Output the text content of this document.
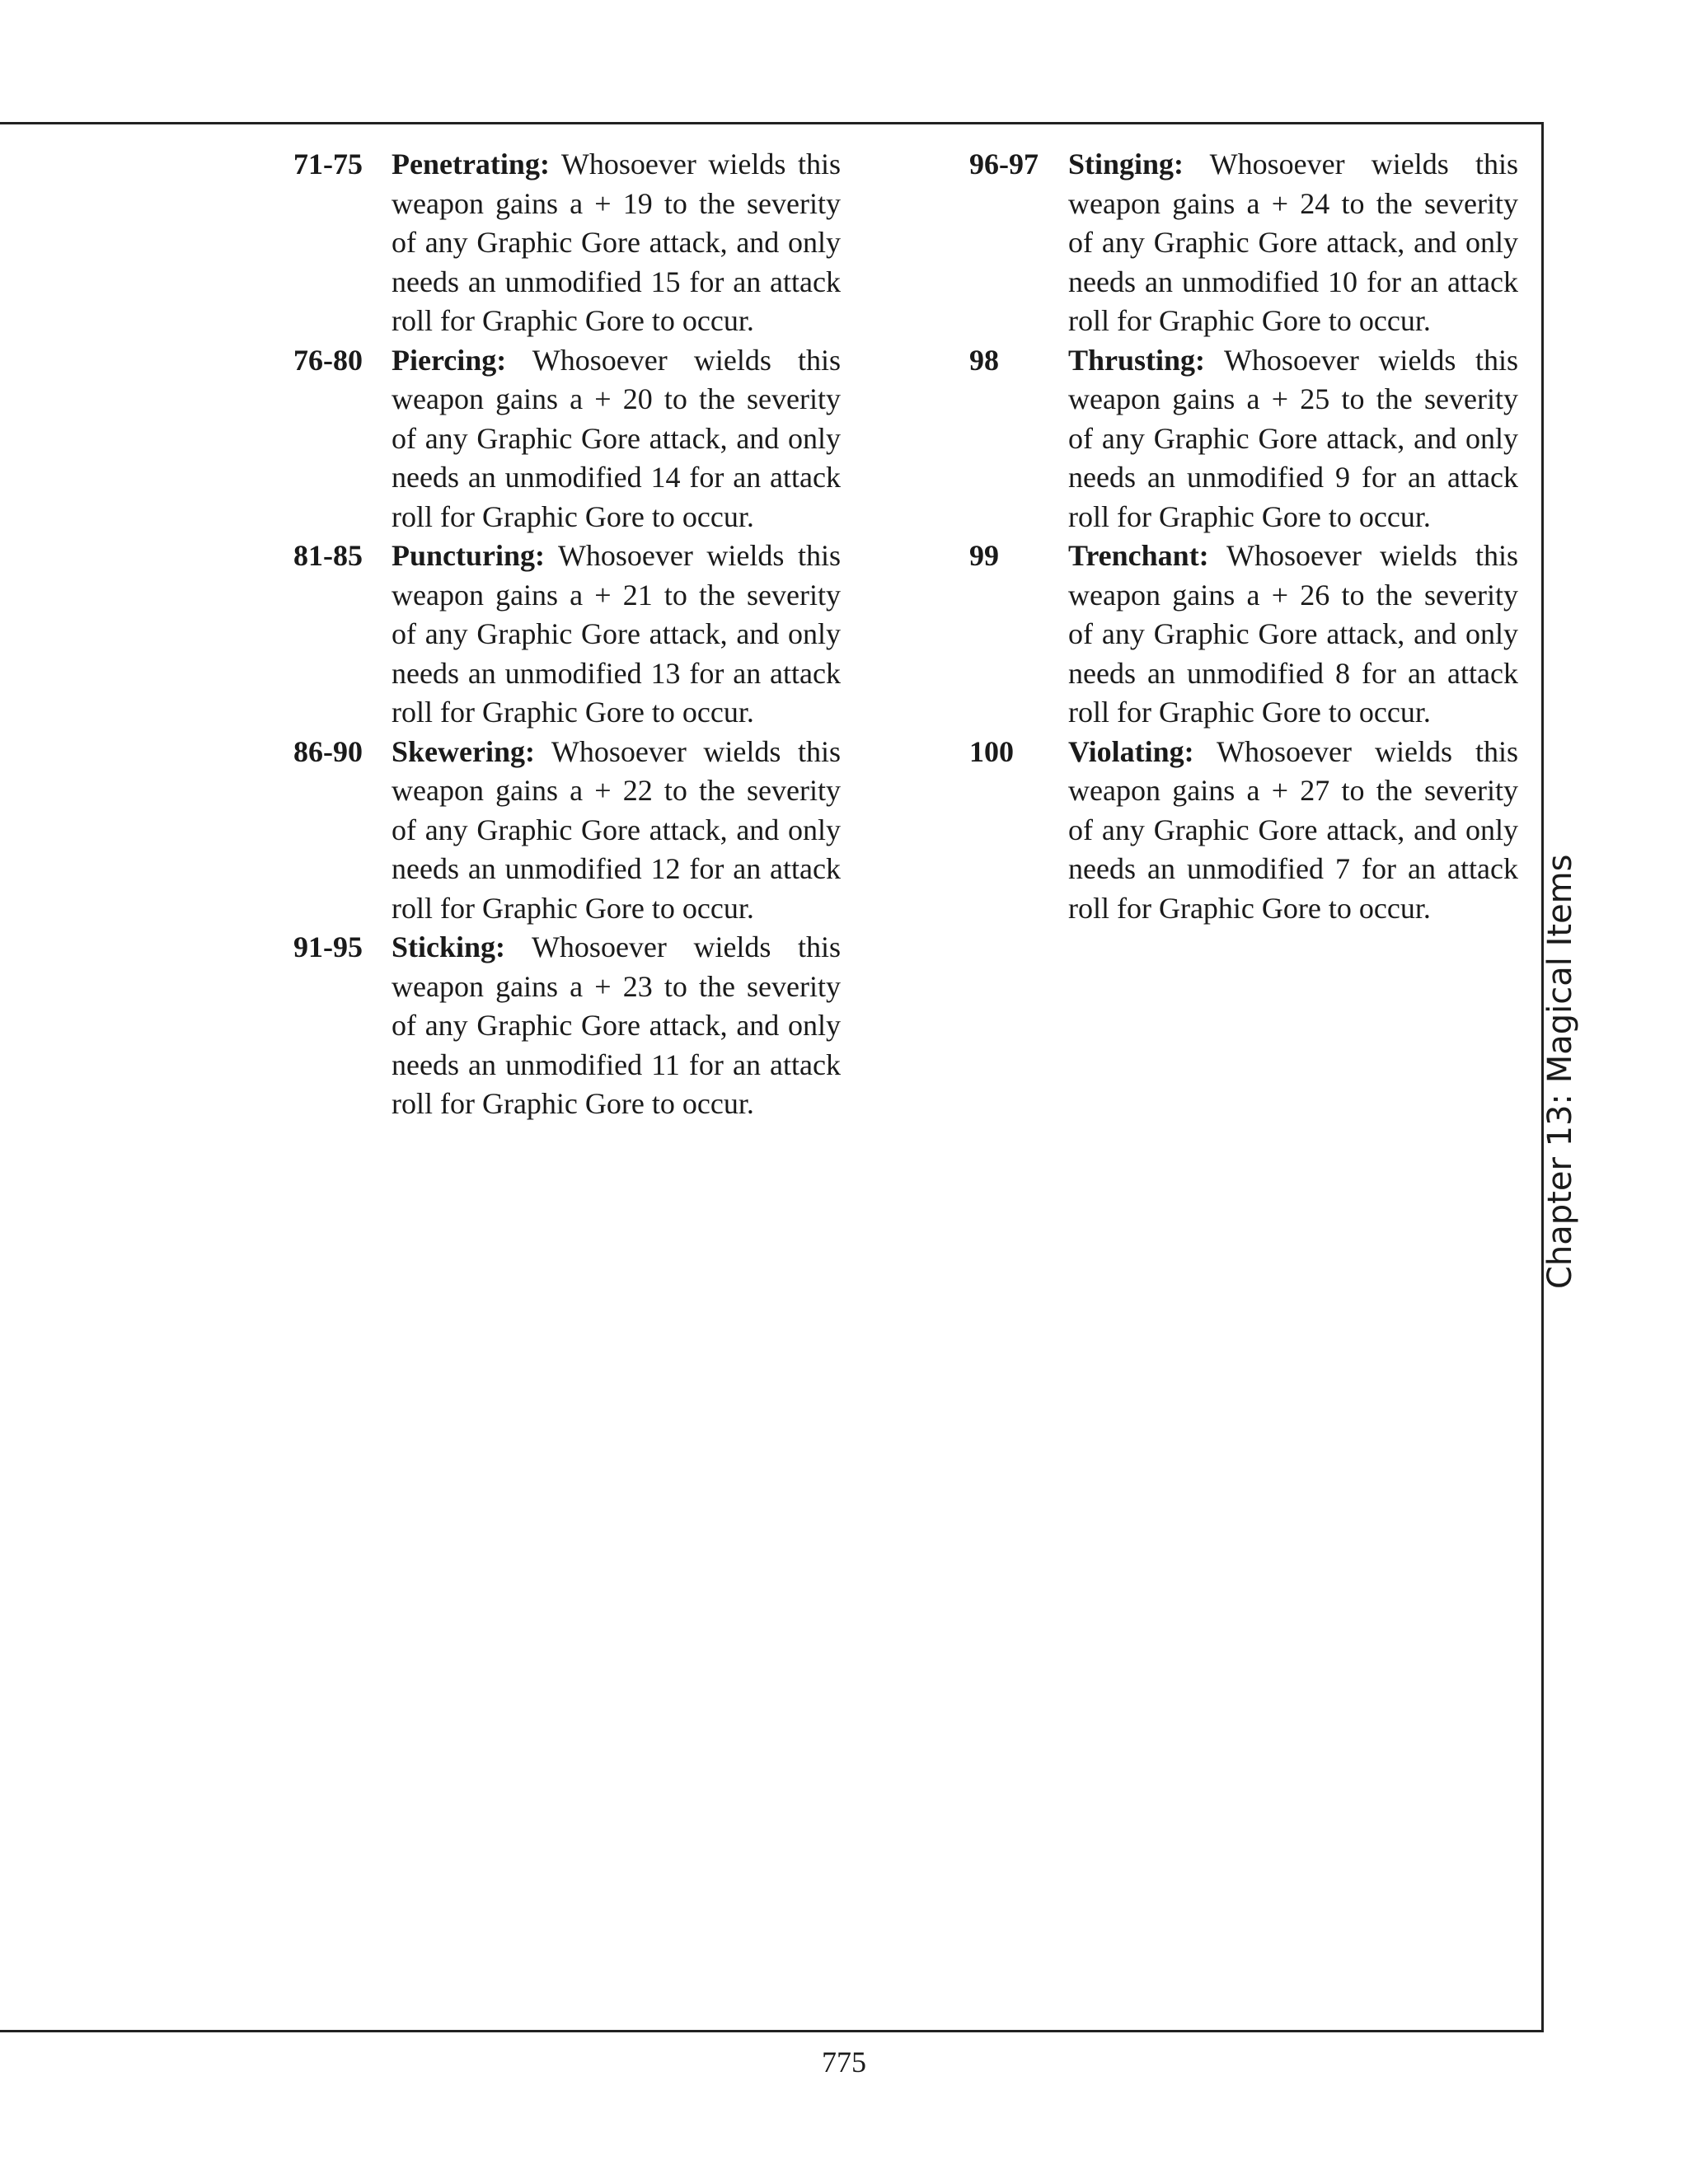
71-75 Penetrating: Whosoever wields this weapon gains a + 19 to the severity of any Graphic Gore attack, and only needs an unmodified 15 for an attack roll for Graphic Gore to occur.
76-80 Piercing: Whosoever wields this weapon gains a + 20 to the severity of any Graphic Gore attack, and only needs an unmodified 14 for an attack roll for Graphic Gore to occur.
81-85 Puncturing: Whosoever wields this weapon gains a + 21 to the severity of any Graphic Gore attack, and only needs an unmodified 13 for an attack roll for Graphic Gore to occur.
86-90 Skewering: Whosoever wields this weapon gains a + 22 to the severity of any Graphic Gore attack, and only needs an unmodified 12 for an attack roll for Graphic Gore to occur.
91-95 Sticking: Whosoever wields this weapon gains a + 23 to the severity of any Graphic Gore attack, and only needs an unmodified 11 for an attack roll for Graphic Gore to occur.
96-97	Stinging: Whosoever wields this weapon gains a + 24 to the severity of any Graphic Gore attack, and only needs an unmodified 10 for an attack roll for Graphic Gore to occur.
98	Thrusting: Whosoever wields this weapon gains a + 25 to the severity of any Graphic Gore attack, and only needs an unmodified 9 for an attack roll for Graphic Gore to occur.
99	Trenchant: Whosoever wields this weapon gains a + 26 to the severity of any Graphic Gore attack, and only needs an unmodified 8 for an attack roll for Graphic Gore to occur.
100	Violating: Whosoever wields this weapon gains a + 27 to the severity of any Graphic Gore attack, and only needs an unmodified 7 for an attack roll for Graphic Gore to occur.	Chapter 13: Magical Items
775
